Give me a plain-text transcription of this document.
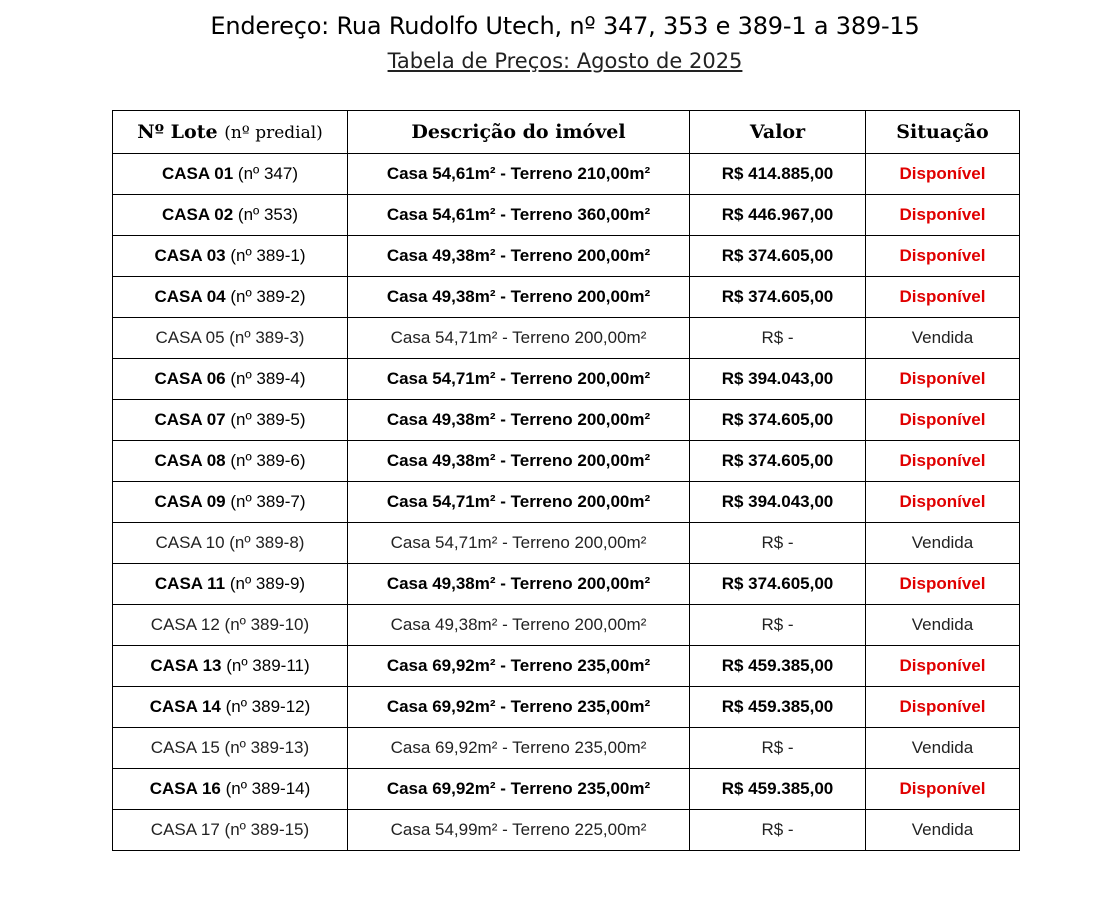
Endereço: Rua Rudolfo Utech, nº 347, 353 e 389-1 a 389-15
Tabela de Preços: Agosto de 2025
Nº Lote (nº predial)	Descrição do imóvel	Valor	Situação
CASA 01 (nº 347)	Casa 54,61m² - Terreno 210,00m²	R$ 414.885,00	Disponível
CASA 02 (nº 353)	Casa 54,61m² - Terreno 360,00m²	R$ 446.967,00	Disponível
CASA 03 (nº 389-1)	Casa 49,38m² - Terreno 200,00m²	R$ 374.605,00	Disponível
CASA 04 (nº 389-2)	Casa 49,38m² - Terreno 200,00m²	R$ 374.605,00	Disponível
CASA 05 (nº 389-3)	Casa 54,71m² - Terreno 200,00m²	R$ -	Vendida
CASA 06 (nº 389-4)	Casa 54,71m² - Terreno 200,00m²	R$ 394.043,00	Disponível
CASA 07 (nº 389-5)	Casa 49,38m² - Terreno 200,00m²	R$ 374.605,00	Disponível
CASA 08 (nº 389-6)	Casa 49,38m² - Terreno 200,00m²	R$ 374.605,00	Disponível
CASA 09 (nº 389-7)	Casa 54,71m² - Terreno 200,00m²	R$ 394.043,00	Disponível
CASA 10 (nº 389-8)	Casa 54,71m² - Terreno 200,00m²	R$ -	Vendida
CASA 11 (nº 389-9)	Casa 49,38m² - Terreno 200,00m²	R$ 374.605,00	Disponível
CASA 12 (nº 389-10)	Casa 49,38m² - Terreno 200,00m²	R$ -	Vendida
CASA 13 (nº 389-11)	Casa 69,92m² - Terreno 235,00m²	R$ 459.385,00	Disponível
CASA 14 (nº 389-12)	Casa 69,92m² - Terreno 235,00m²	R$ 459.385,00	Disponível
CASA 15 (nº 389-13)	Casa 69,92m² - Terreno 235,00m²	R$ -	Vendida
CASA 16 (nº 389-14)	Casa 69,92m² - Terreno 235,00m²	R$ 459.385,00	Disponível
CASA 17 (nº 389-15)	Casa 54,99m² - Terreno 225,00m²	R$ -	Vendida
